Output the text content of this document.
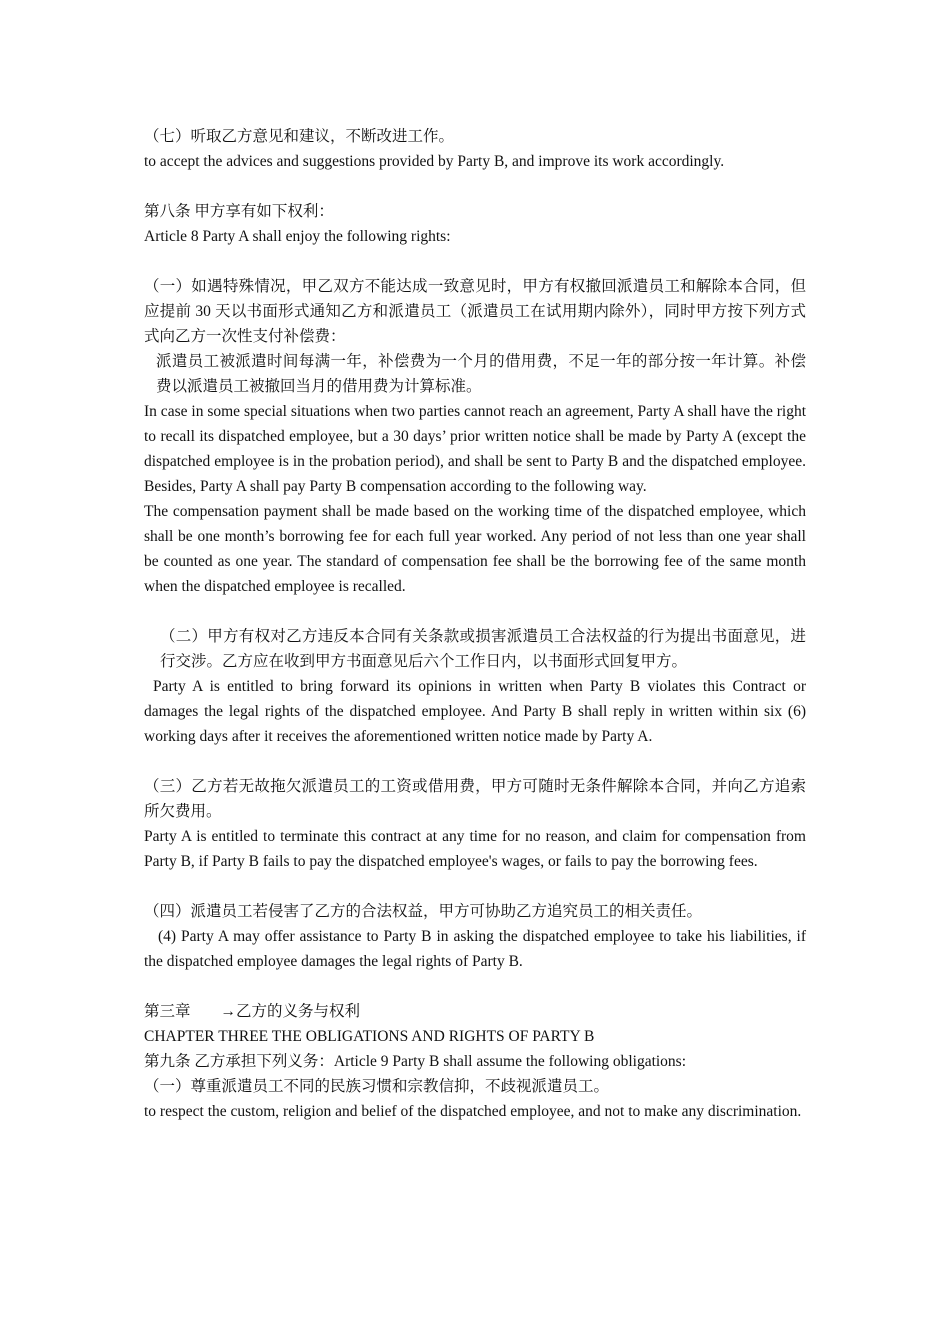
（七）听取乙方意见和建议，不断改进工作。
to accept the advices and suggestions provided by Party B, and improve its work accordingly.
第八条 甲方享有如下权利：
Article 8 Party A shall enjoy the following rights:

（一）如遇特殊情况，甲乙双方不能达成一致意见时，甲方有权撤回派遣员工和解除本合同，但应提前 30 天以书面形式通知乙方和派遣员工（派遣员工在试用期内除外），同时甲方按下列方式式向乙方一次性支付补偿费：

派遣员工被派遣时间每满一年，补偿费为一个月的借用费，不足一年的部分按一年计算。补偿费以派遣员工被撤回当月的借用费为计算标准。

In case in some special situations when two parties cannot reach an agreement, Party A shall have the right to recall its dispatched employee, but a 30 days’ prior written notice shall be made by Party A (except the dispatched employee is in the probation period), and shall be sent to Party B and the dispatched employee. Besides, Party A shall pay Party B compensation according to the following way.

The compensation payment shall be made based on the working time of the dispatched employee, which shall be one month’s borrowing fee for each full year worked. Any period of not less than one year shall be counted as one year. The standard of compensation fee shall be the borrowing fee of the same month when the dispatched employee is recalled.

（二）甲方有权对乙方违反本合同有关条款或损害派遣员工合法权益的行为提出书面意见，进行交涉。乙方应在收到甲方书面意见后六个工作日内，以书面形式回复甲方。

Party A is entitled to bring forward its opinions in written when Party B violates this Contract or damages the legal rights of the dispatched employee. And Party B shall reply in written within six (6) working days after it receives the aforementioned written notice made by Party A.

（三）乙方若无故拖欠派遣员工的工资或借用费，甲方可随时无条件解除本合同，并向乙方追索所欠费用。

Party A is entitled to terminate this contract at any time for no reason, and claim for compensation from Party B, if Party B fails to pay the dispatched employee's wages, or fails to pay the borrowing fees.

（四）派遣员工若侵害了乙方的合法权益，甲方可协助乙方追究员工的相关责任。

(4) Party A may offer assistance to Party B in asking the dispatched employee to take his liabilities, if the dispatched employee damages the legal rights of Party B.

第三章 →乙方的义务与权利
CHAPTER THREE THE OBLIGATIONS AND RIGHTS OF PARTY B
第九条 乙方承担下列义务：Article 9 Party B shall assume the following obligations:
（一）尊重派遣员工不同的民族习惯和宗教信抑，不歧视派遣员工。

to respect the custom, religion and belief of the dispatched employee, and not to make any discrimination.
